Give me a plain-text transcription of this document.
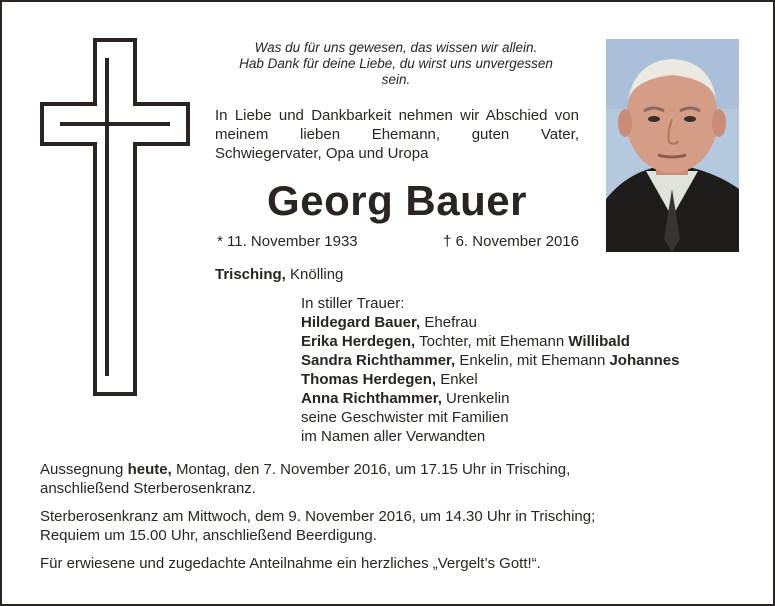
Was du für uns gewesen, das wissen wir allein.
Hab Dank für deine Liebe, du wirst uns unvergessen
sein.
In Liebe und Dankbarkeit nehmen wir Abschied von meinem lieben Ehemann, guten Vater, Schwiegervater, Opa und Uropa
Georg Bauer
* 11. November 1933	† 6. November 2016
Trisching, Knölling
In stiller Trauer:
Hildegard Bauer, Ehefrau
Erika Herdegen, Tochter, mit Ehemann Willibald
Sandra Richthammer, Enkelin, mit Ehemann Johannes
Thomas Herdegen, Enkel
Anna Richthammer, Urenkelin
seine Geschwister mit Familien
im Namen aller Verwandten

Aussegnung heute, Montag, den 7. November 2016, um 17.15 Uhr in Trisching,
anschließend Sterberosenkranz.

Sterberosenkranz am Mittwoch, dem 9. November 2016, um 14.30 Uhr in Trisching;
Requiem um 15.00 Uhr, anschließend Beerdigung.

Für erwiesene und zugedachte Anteilnahme ein herzliches „Vergelt’s Gott!“.
